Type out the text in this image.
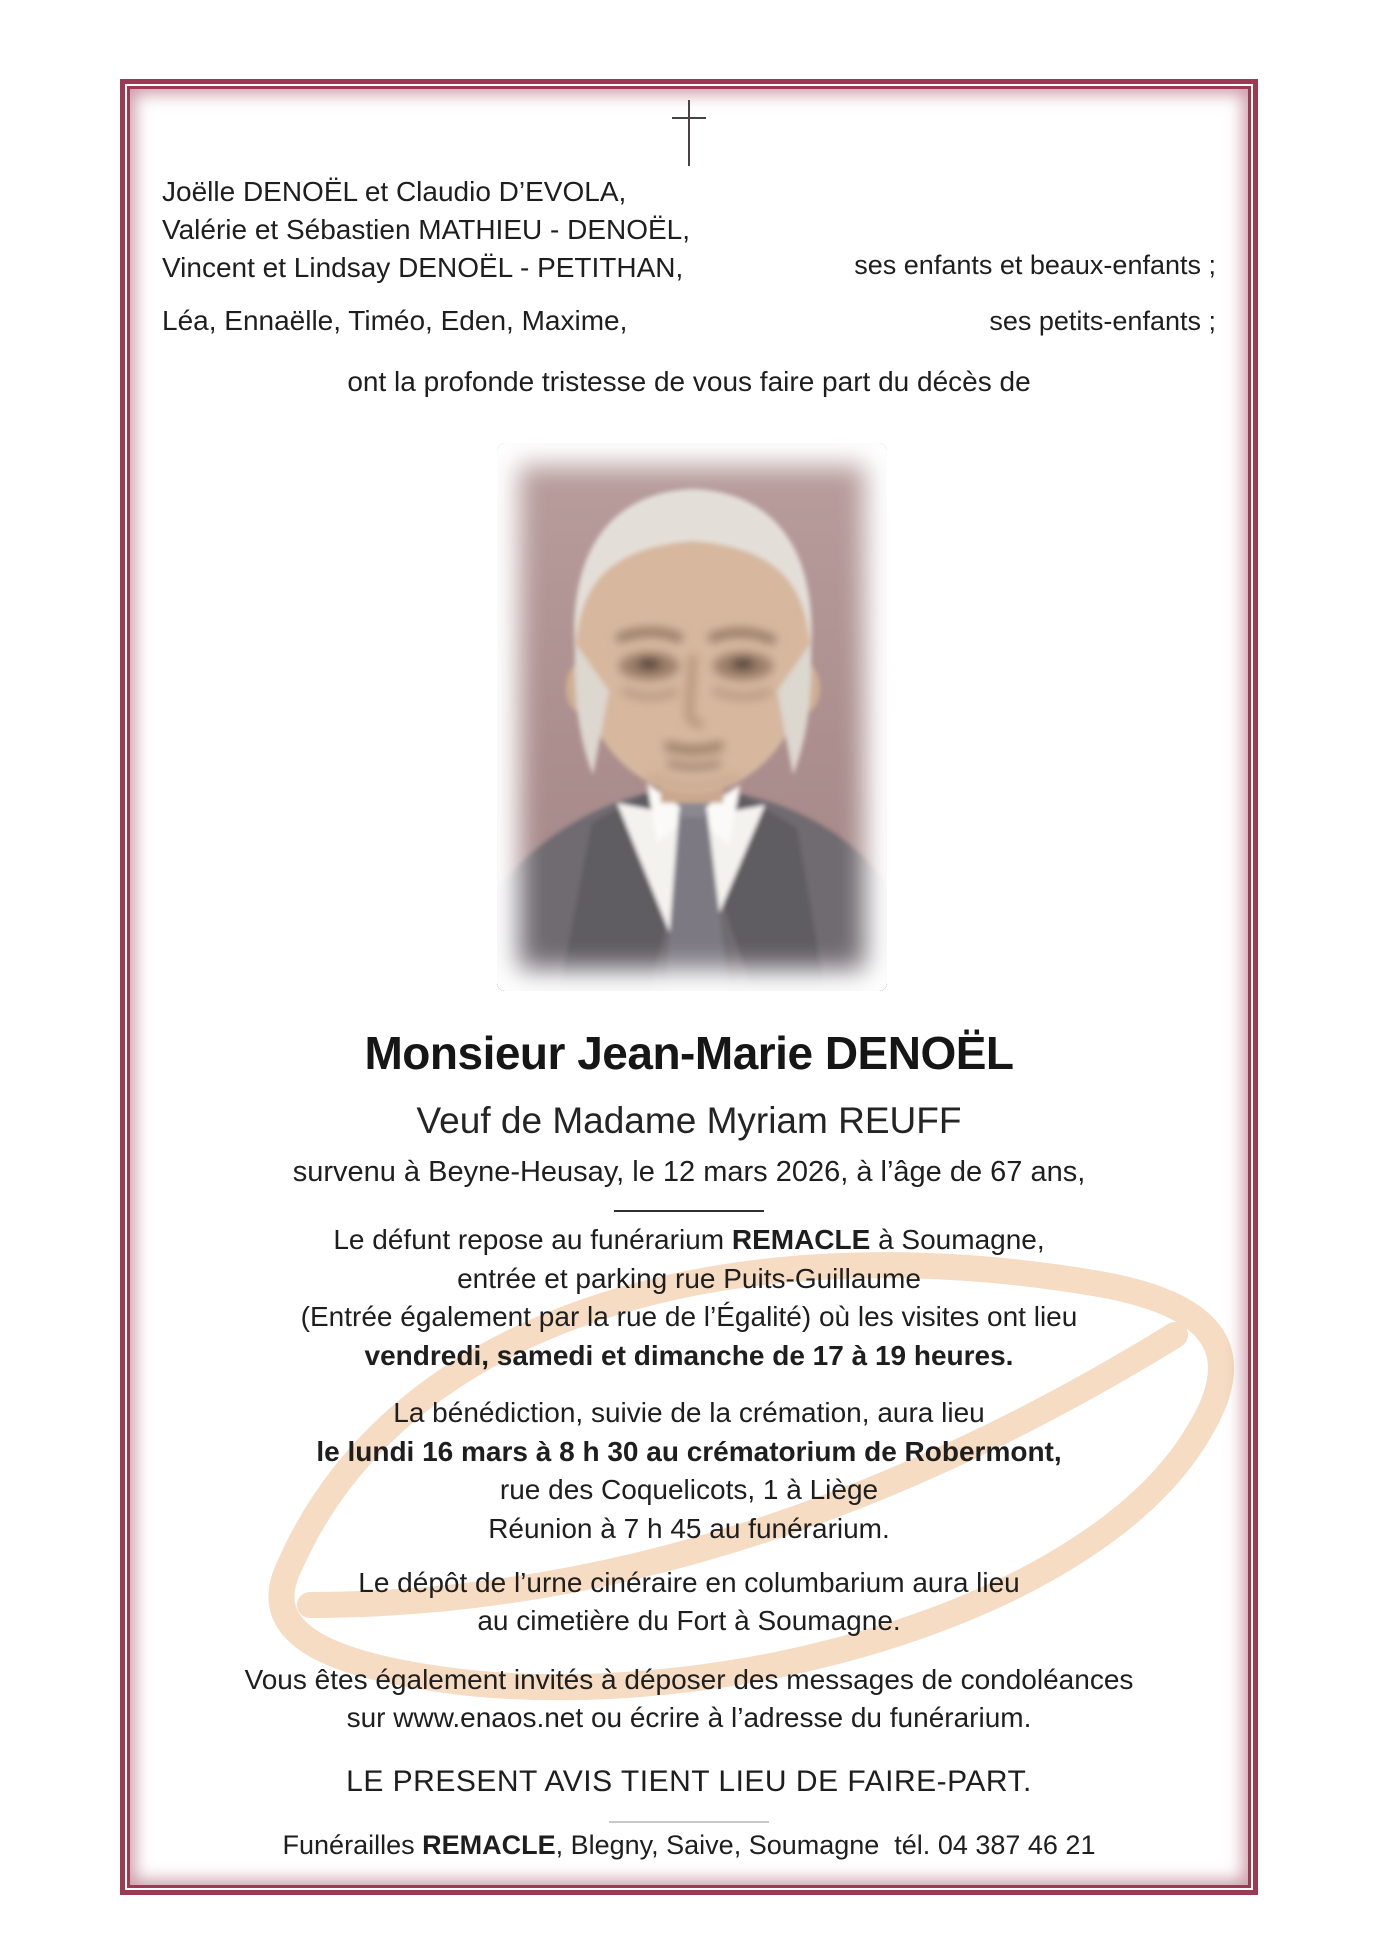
Joëlle DENOËL et Claudio D’EVOLA,
Valérie et Sébastien MATHIEU - DENOËL,
Vincent et Lindsay DENOËL - PETITHAN,	ses enfants et beaux-enfants ;
Léa, Ennaëlle, Timéo, Eden, Maxime,	ses petits-enfants ;
ont la profonde tristesse de vous faire part du décès de
Monsieur Jean-Marie DENOËL
Veuf de Madame Myriam REUFF
survenu à Beyne-Heusay, le 12 mars 2026, à l’âge de 67 ans,
Le défunt repose au funérarium REMACLE à Soumagne,
entrée et parking rue Puits-Guillaume
(Entrée également par la rue de l’Égalité) où les visites ont lieu
vendredi, samedi et dimanche de 17 à 19 heures.
La bénédiction, suivie de la crémation, aura lieu
le lundi 16 mars à 8 h 30 au crématorium de Robermont,
rue des Coquelicots, 1 à Liège
Réunion à 7 h 45 au funérarium.
Le dépôt de l’urne cinéraire en columbarium aura lieu
au cimetière du Fort à Soumagne.
Vous êtes également invités à déposer des messages de condoléances
sur www.enaos.net ou écrire à l’adresse du funérarium.
LE PRESENT AVIS TIENT LIEU DE FAIRE-PART.
Funérailles REMACLE, Blegny, Saive, Soumagne  tél. 04 387 46 21
